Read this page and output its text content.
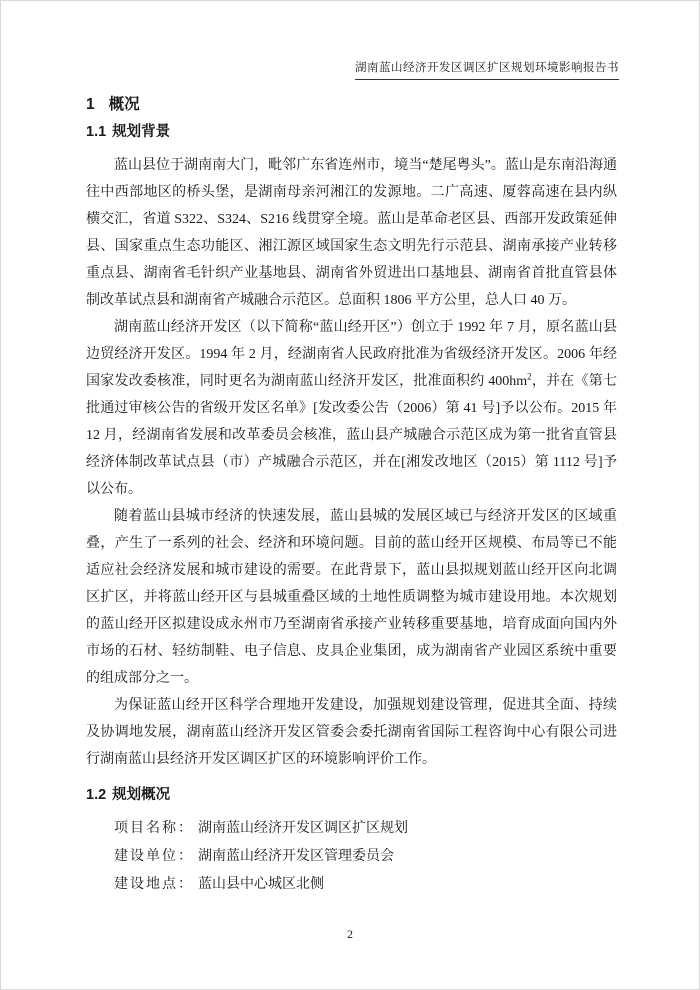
湖南蓝山经济开发区调区扩区规划环境影响报告书
1 概况
1.1 规划背景

蓝山县位于湖南南大门，毗邻广东省连州市，境当“楚尾粤头”。蓝山是东南沿海通往中西部地区的桥头堡，是湖南母亲河湘江的发源地。二广高速、厦蓉高速在县内纵横交汇，省道 S322、S324、S216 线贯穿全境。蓝山是革命老区县、西部开发政策延伸县、国家重点生态功能区、湘江源区域国家生态文明先行示范县、湖南承接产业转移重点县、湖南省毛针织产业基地县、湖南省外贸进出口基地县、湖南省首批直管县体制改革试点县和湖南省产城融合示范区。总面积 1806 平方公里，总人口 40 万。

湖南蓝山经济开发区（以下简称“蓝山经开区”）创立于 1992 年 7 月，原名蓝山县边贸经济开发区。1994 年 2 月，经湖南省人民政府批准为省级经济开发区。2006 年经国家发改委核准，同时更名为湖南蓝山经济开发区，批准面积约 $400hm^2$，并在《第七批通过审核公告的省级开发区名单》[发改委公告（2006）第 41 号]予以公布。2015 年 12 月，经湖南省发展和改革委员会核准，蓝山县产城融合示范区成为第一批省直管县经济体制改革试点县（市）产城融合示范区，并在[湘发改地区（2015）第 1112 号]予以公布。

随着蓝山县城市经济的快速发展，蓝山县城的发展区域已与经济开发区的区域重叠，产生了一系列的社会、经济和环境问题。目前的蓝山经开区规模、布局等已不能适应社会经济发展和城市建设的需要。在此背景下，蓝山县拟规划蓝山经开区向北调区扩区，并将蓝山经开区与县城重叠区域的土地性质调整为城市建设用地。本次规划的蓝山经开区拟建设成永州市乃至湖南省承接产业转移重要基地，培育成面向国内外市场的石材、轻纺制鞋、电子信息、皮具企业集团，成为湖南省产业园区系统中重要的组成部分之一。

为保证蓝山经开区科学合理地开发建设，加强规划建设管理，促进其全面、持续及协调地发展，湖南蓝山经济开发区管委会委托湖南省国际工程咨询中心有限公司进行湖南蓝山县经济开发区调区扩区的环境影响评价工作。

1.2 规划概况
项目名称： 湖南蓝山经济开发区调区扩区规划
建设单位： 湖南蓝山经济开发区管理委员会
建设地点： 蓝山县中心城区北侧
2
